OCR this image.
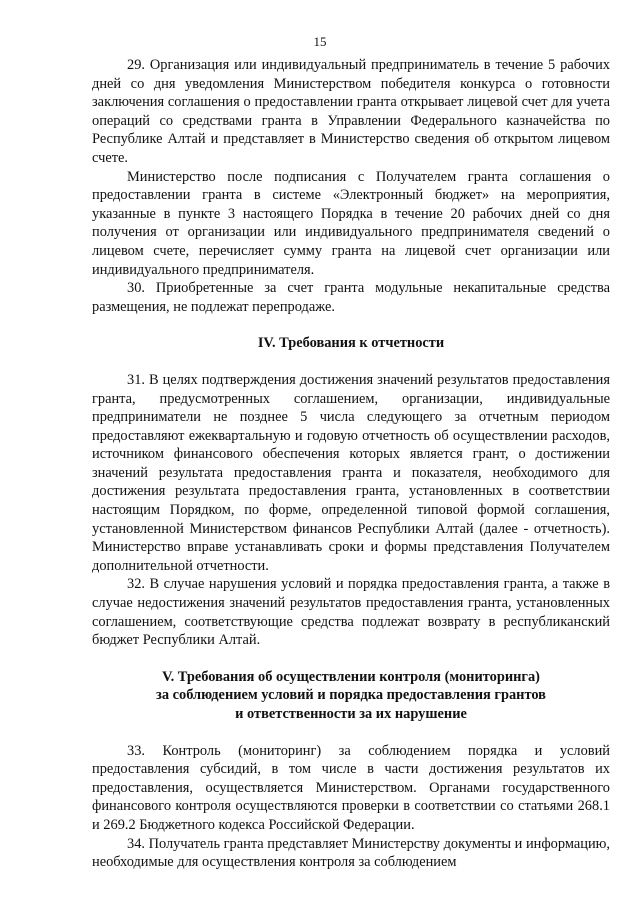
15

29. Организация или индивидуальный предприниматель в течение 5 рабочих дней со дня уведомления Министерством победителя конкурса о готовности заключения соглашения о предоставлении гранта открывает лицевой счет для учета операций со средствами гранта в Управлении Федерального казначейства по Республике Алтай и представляет в Министерство сведения об открытом лицевом счете.

Министерство после подписания с Получателем гранта соглашения о предоставлении гранта в системе «Электронный бюджет» на мероприятия, указанные в пункте 3 настоящего Порядка в течение 20 рабочих дней со дня получения от организации или индивидуального предпринимателя сведений о лицевом счете, перечисляет сумму гранта на лицевой счет организации или индивидуального предпринимателя.

30. Приобретенные за счет гранта модульные некапитальные средства размещения, не подлежат перепродаже.

IV. Требования к отчетности

31. В целях подтверждения достижения значений результатов предоставления гранта, предусмотренных соглашением, организации, индивидуальные предприниматели не позднее 5 числа следующего за отчетным периодом предоставляют ежеквартальную и годовую отчетность об осуществлении расходов, источником финансового обеспечения которых является грант, о достижении значений результата предоставления гранта и показателя, необходимого для достижения результата предоставления гранта, установленных в соответствии настоящим Порядком, по форме, определенной типовой формой соглашения, установленной Министерством финансов Республики Алтай (далее - отчетность). Министерство вправе устанавливать сроки и формы представления Получателем дополнительной отчетности.

32. В случае нарушения условий и порядка предоставления гранта, а также в случае недостижения значений результатов предоставления гранта, установленных соглашением, соответствующие средства подлежат возврату в республиканский бюджет Республики Алтай.

V. Требования об осуществлении контроля (мониторинга)
за соблюдением условий и порядка предоставления грантов
и ответственности за их нарушение

33. Контроль (мониторинг) за соблюдением порядка и условий предоставления субсидий, в том числе в части достижения результатов их предоставления, осуществляется Министерством. Органами государственного финансового контроля осуществляются проверки в соответствии со статьями 268.1 и 269.2 Бюджетного кодекса Российской Федерации.

34. Получатель гранта представляет Министерству документы и информацию, необходимые для осуществления контроля за соблюдением
